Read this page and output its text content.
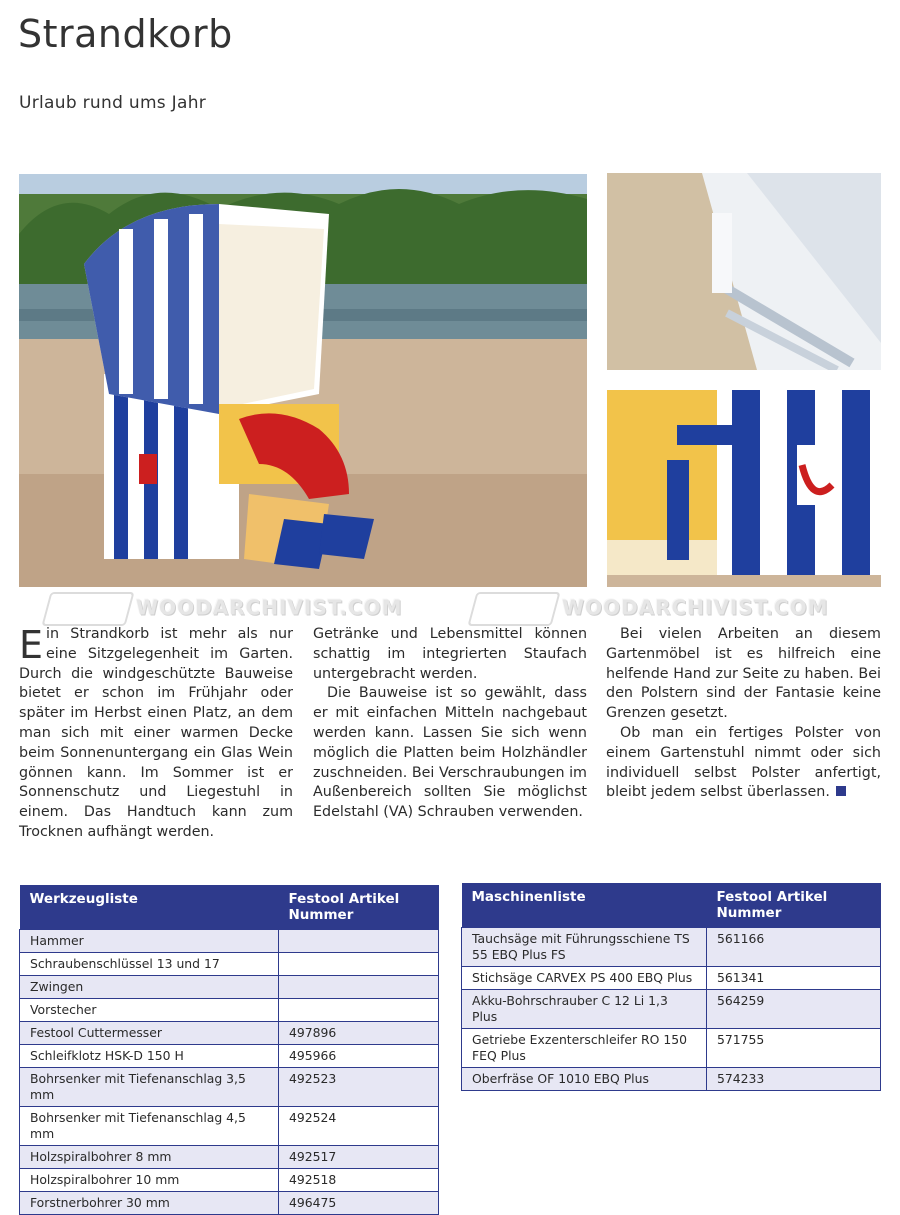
Strandkorb
Urlaub rund ums Jahr
WOODARCHIVIST.COM	WOODARCHIVIST.COM

Ein Strandkorb ist mehr als nur eine Sitzgelegenheit im Garten. Durch die windgeschützte Bauweise bietet er schon im Frühjahr oder später im Herbst einen Platz, an dem man sich mit einer warmen Decke beim Sonnenuntergang ein Glas Wein gönnen kann. Im Sommer ist er Sonnenschutz und Liegestuhl in einem. Das Handtuch kann zum Trocknen aufhängt werden.

Getränke und Lebensmittel können schattig im integrierten Staufach untergebracht werden.

Die Bauweise ist so gewählt, dass er mit einfachen Mitteln nachgebaut werden kann. Lassen Sie sich wenn möglich die Platten beim Holzhändler zuschneiden. Bei Verschraubungen im Außenbereich sollten Sie möglichst Edelstahl (VA) Schrauben verwenden.

Bei vielen Arbeiten an diesem Gartenmöbel ist es hilfreich eine helfende Hand zur Seite zu haben. Bei den Polstern sind der Fantasie keine Grenzen gesetzt.

Ob man ein fertiges Polster von einem Gartenstuhl nimmt oder sich individuell selbst Polster anfertigt, bleibt jedem selbst überlassen.

Werkzeugliste	Festool Artikel Nummer
Hammer	
Schraubenschlüssel 13 und 17	
Zwingen	
Vorstecher	
Festool Cuttermesser	497896
Schleifklotz HSK-D 150 H	495966
Bohrsenker mit Tiefenanschlag 3,5 mm	492523
Bohrsenker mit Tiefenanschlag 4,5 mm	492524
Holzspiralbohrer 8 mm	492517
Holzspiralbohrer 10 mm	492518
Forstnerbohrer 30 mm	496475
Maschinenliste	Festool Artikel Nummer
Tauchsäge mit Führungsschiene TS 55 EBQ Plus FS	561166
Stichsäge CARVEX PS 400 EBQ Plus	561341
Akku-Bohrschrauber C 12 Li 1,3 Plus	564259
Getriebe Exzenterschleifer RO 150 FEQ Plus	571755
Oberfräse OF 1010 EBQ Plus	574233
